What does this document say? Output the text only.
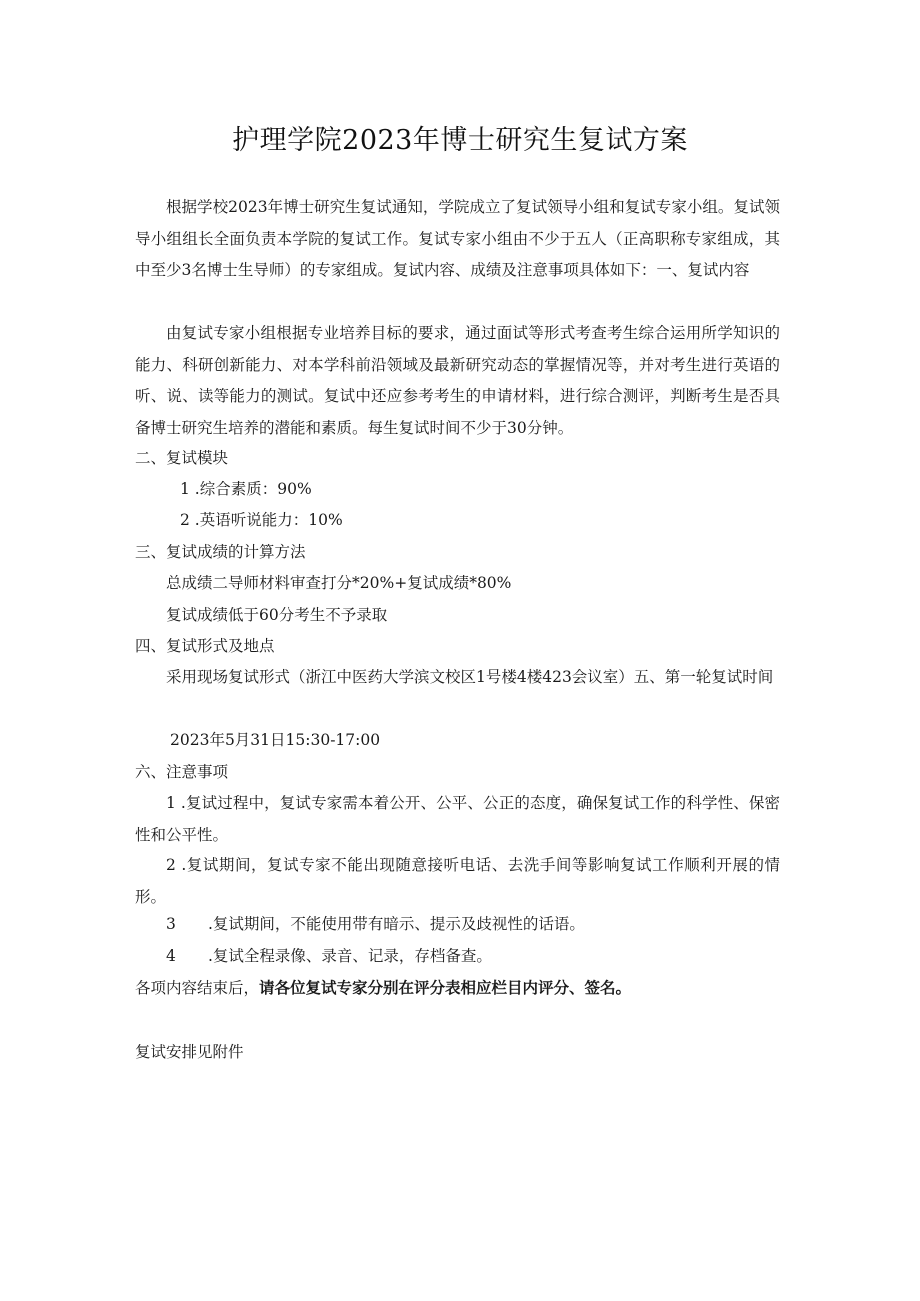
护理学院2023年博士研究生复试方案
根据学校2023年博士研究生复试通知，学院成立了复试领导小组和复试专家小组。复试领导小组组长全面负责本学院的复试工作。复试专家小组由不少于五人（正高职称专家组成，其中至少3名博士生导师）的专家组成。复试内容、成绩及注意事项具体如下：一、复试内容
由复试专家小组根据专业培养目标的要求，通过面试等形式考查考生综合运用所学知识的能力、科研创新能力、对本学科前沿领域及最新研究动态的掌握情况等，并对考生进行英语的听、说、读等能力的测试。复试中还应参考考生的申请材料，进行综合测评，判断考生是否具备博士研究生培养的潜能和素质。每生复试时间不少于30分钟。
二、复试模块
1 .综合素质：90%
2 .英语听说能力：10%
三、复试成绩的计算方法
总成绩二导师材料审查打分*20%+复试成绩*80%
复试成绩低于60分考生不予录取
四、复试形式及地点
采用现场复试形式（浙江中医药大学滨文校区1号楼4楼423会议室）五、第一轮复试时间
2023年5月31日15:30-17:00
六、注意事项
1 .复试过程中，复试专家需本着公开、公平、公正的态度，确保复试工作的科学性、保密性和公平性。
2 .复试期间，复试专家不能出现随意接听电话、去洗手间等影响复试工作顺利开展的情形。
3 .复试期间，不能使用带有暗示、提示及歧视性的话语。
4 .复试全程录像、录音、记录，存档备查。
各项内容结束后，请各位复试专家分别在评分表相应栏目内评分、签名。
复试安排见附件
